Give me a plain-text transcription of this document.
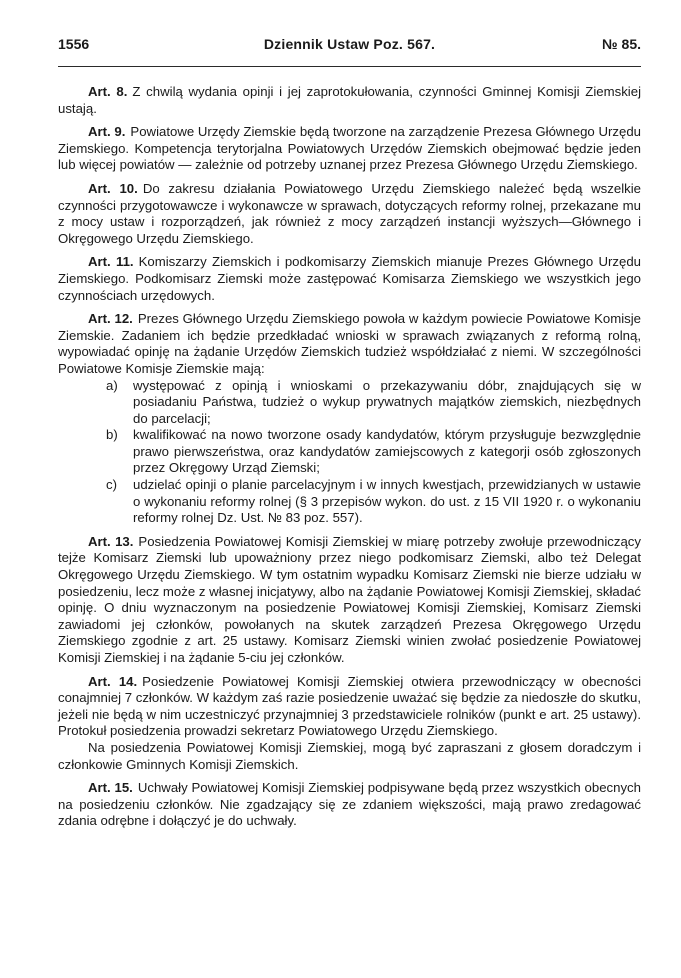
1556	Dziennik Ustaw Poz. 567.	№ 85.

Art. 8. Z chwilą wydania opinji i jej zaprotokułowania, czynności Gminnej Komisji Ziemskiej ustają.

Art. 9. Powiatowe Urzędy Ziemskie będą tworzone na zarządzenie Prezesa Głównego Urzędu Ziemskiego. Kompetencja terytorjalna Powiatowych Urzędów Ziemskich obejmować będzie jeden lub więcej powiatów — zależnie od potrzeby uznanej przez Prezesa Głównego Urzędu Ziemskiego.

Art. 10. Do zakresu działania Powiatowego Urzędu Ziemskiego należeć będą wszelkie czynności przygotowawcze i wykonawcze w sprawach, dotyczących reformy rolnej, przekazane mu z mocy ustaw i rozporządzeń, jak również z mocy zarządzeń instancji wyższych—Głównego i Okręgowego Urzędu Ziemskiego.

Art. 11. Komiszarzy Ziemskich i podkomisarzy Ziemskich mianuje Prezes Głównego Urzędu Ziemskiego. Podkomisarz Ziemski może zastępować Komisarza Ziemskiego we wszystkich jego czynnościach urzędowych.

Art. 12. Prezes Głównego Urzędu Ziemskiego powoła w każdym powiecie Powiatowe Komisje Ziemskie. Zadaniem ich będzie przedkładać wnioski w sprawach związanych z reformą rolną, wypowiadać opinję na żądanie Urzędów Ziemskich tudzież współdziałać z niemi. W szczególności Powiatowe Komisje Ziemskie mają:

a)	występować z opinją i wnioskami o przekazywaniu dóbr, znajdujących się w posiadaniu Państwa, tudzież o wykup prywatnych majątków ziemskich, niezbędnych do parcelacji;
b)	kwalifikować na nowo tworzone osady kandydatów, którym przysługuje bezwzględnie prawo pierwszeństwa, oraz kandydatów zamiejscowych z kategorji osób zgłoszonych przez Okręgowy Urząd Ziemski;
c)	udzielać opinji o planie parcelacyjnym i w innych kwestjach, przewidzianych w ustawie o wykonaniu reformy rolnej (§ 3 przepisów wykon. do ust. z 15 VII 1920 r. o wykonaniu reformy rolnej Dz. Ust. № 83 poz. 557).

Art. 13. Posiedzenia Powiatowej Komisji Ziemskiej w miarę potrzeby zwołuje przewodniczący tejże Komisarz Ziemski lub upoważniony przez niego podkomisarz Ziemski, albo też Delegat Okręgowego Urzędu Ziemskiego. W tym ostatnim wypadku Komisarz Ziemski nie bierze udziału w posiedzeniu, lecz może z własnej inicjatywy, albo na żądanie Powiatowej Komisji Ziemskiej, składać opinję. O dniu wyznaczonym na posiedzenie Powiatowej Komisji Ziemskiej, Komisarz Ziemski zawiadomi jej członków, powołanych na skutek zarządzeń Prezesa Okręgowego Urzędu Ziemskiego zgodnie z art. 25 ustawy. Komisarz Ziemski winien zwołać posiedzenie Powiatowej Komisji Ziemskiej i na żądanie 5-ciu jej członków.

Art. 14. Posiedzenie Powiatowej Komisji Ziemskiej otwiera przewodniczący w obecności conajmniej 7 członków. W każdym zaś razie posiedzenie uważać się będzie za niedoszłe do skutku, jeżeli nie będą w nim uczestniczyć przynajmniej 3 przedstawiciele rolników (punkt e art. 25 ustawy). Protokuł posiedzenia prowadzi sekretarz Powiatowego Urzędu Ziemskiego.
Na posiedzenia Powiatowej Komisji Ziemskiej, mogą być zapraszani z głosem doradczym i członkowie Gminnych Komisji Ziemskich.

Art. 15. Uchwały Powiatowej Komisji Ziemskiej podpisywane będą przez wszystkich obecnych na posiedzeniu członków. Nie zgadzający się ze zdaniem większości, mają prawo zredagować zdania odrębne i dołączyć je do uchwały.
